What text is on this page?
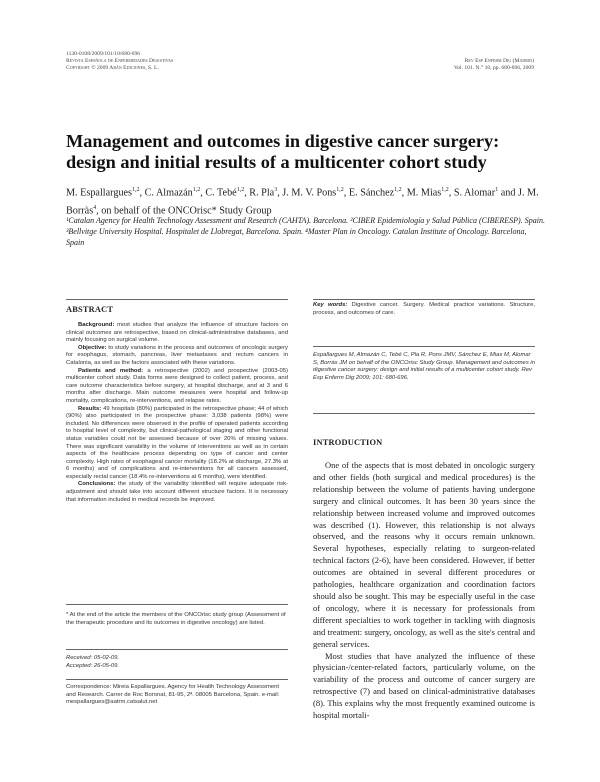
1130-0108/2009/101/10/680-696
Revista Española de Enfermedades Digestivas
Copyright © 2009 Arán Ediciones, S. L.
Rev Esp Enferm Dig (Madrid)
Vol. 101. N.° 10, pp. 680-696, 2009
Management and outcomes in digestive cancer surgery: design and initial results of a multicenter cohort study
M. Espallargues$^{1,2}$, C. Almazán$^{1,2}$, C. Tebé$^{1,2}$, R. Pla$^3$, J. M. V. Pons$^{1,2}$, E. Sánchez$^{1,2}$, M. Mias$^{1,2}$, S. Alomar$^1$ and J. M. Borràs$^4$, on behalf of the ONCOrisc* Study Group
¹Catalan Agency for Health Technology Assessment and Research (CAHTA). Barcelona. ²CIBER Epidemiología y Salud Pública (CIBERESP). Spain. ³Bellvitge University Hospital. Hospitalet de Llobregat, Barcelona. Spain. ⁴Master Plan in Oncology. Catalan Institute of Oncology. Barcelona, Spain
ABSTRACT

Background: most studies that analyze the influence of structure factors on clinical outcomes are retrospective, based on clinical-administrative databases, and mainly focusing on surgical volume.

Objective: to study variations in the process and outcomes of oncologic surgery for esophagus, stomach, pancreas, liver metastases and rectum cancers in Catalonia, as well as the factors associated with these variations.

Patients and method: a retrospective (2002) and prospective (2003-05) multicenter cohort study. Data forms were designed to collect patient, process, and care outcome characteristics before surgery, at hospital discharge, and at 3 and 6 months after discharge. Main outcome measures were hospital and follow-up mortality, complications, re-interventions, and relapse rates.

Results: 49 hospitals (80%) participated in the retrospective phase; 44 of which (90%) also participated in the prospective phase: 3,038 patients (98%) were included. No differences were observed in the profile of operated patients according to hospital level of complexity, but clinical-pathological staging and other functional status variables could not be assessed because of over 20% of missing values. There was significant variability in the volume of interventions as well as in certain aspects of the healthcare process depending on type of cancer and center complexity. High rates of esophageal cancer mortality (18.2% at discharge, 27.3% at 6 months) and of complications and re-interventions for all cancers assessed, especially rectal cancer (18.4% re-interventions at 6 months), were identified.

Conclusions: the study of the variability identified will require adequate risk-adjustment and should take into account different structure factors. It is necessary that information included in medical records be improved.

* At the end of the article the members of the ONCOrisc study group (Assessment of the therapeutic procedure and its outcomes in digestive oncology) are listed.
Received: 05-02-09.
Accepted: 26-05-09.
Correspondence: Mireia Espallargues. Agency for Health Technology Assessment and Research. Carrer de Roc Boronat, 81-95, 2ª. 08005 Barcelona, Spain. e-mail: mespallargues@aatrm.catsalut.net
Key words: Digestive cancer. Surgery. Medical practice variations. Structure, process, and outcomes of care.
Espallargues M, Almazán C, Tebé C, Pla R, Pons JMV, Sánchez E, Mias M, Alomar S, Borràs JM on behalf of the ONCOrisc Study Group. Management and outcomes in digestive cancer surgery: design and initial results of a multicenter cohort study. Rev Esp Enferm Dig 2009; 101: 680-696.
INTRODUCTION

One of the aspects that is most debated in oncologic surgery and other fields (both surgical and medical procedures) is the relationship between the volume of patients having undergone surgery and clinical outcomes. It has been 30 years since the relationship between increased volume and improved outcomes was described (1). However, this relationship is not always observed, and the reasons why it occurs remain unknown. Several hypotheses, especially relating to surgeon-related technical factors (2-6), have been considered. However, if better outcomes are obtained in several different procedures or pathologies, healthcare organization and coordination factors should also be sought. This may be especially useful in the case of oncology, where it is necessary for professionals from different specialties to work together in tackling with diagnosis and treatment: surgery, oncology, as well as the site's central and general services.

Most studies that have analyzed the influence of these physician-/center-related factors, particularly volume, on the variability of the process and outcome of cancer surgery are retrospective (7) and based on clinical-administrative databases (8). This explains why the most frequently examined outcome is hospital mortali-
